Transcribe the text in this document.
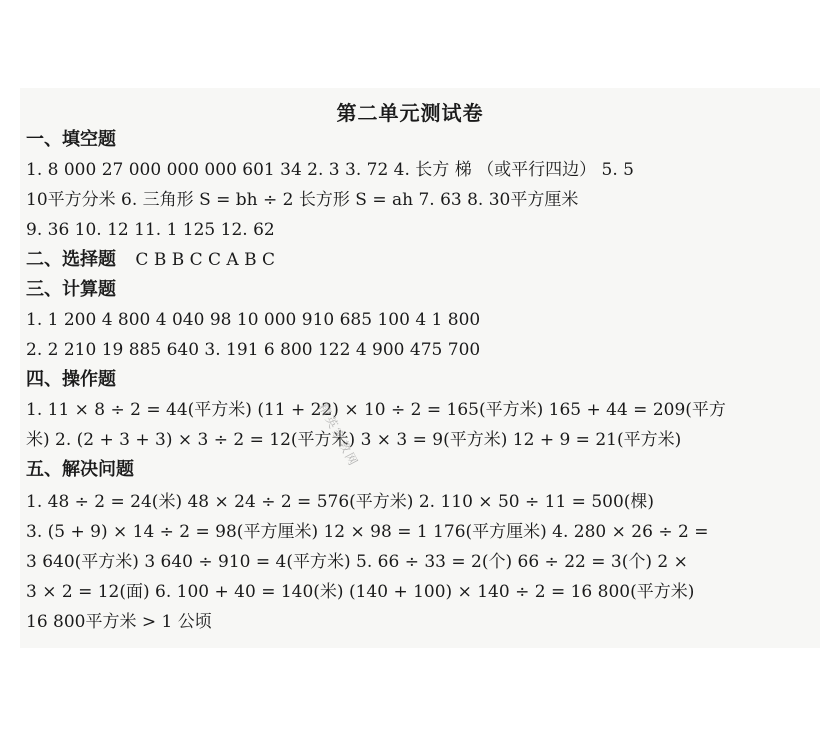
第二单元测试卷
一、填空题
1. 8 000 27 000 000 000 601 34 2. 3 3. 72 4. 长方 梯 （或平行四边） 5. 5
10平方分米 6. 三角形 S = bh ÷ 2 长方形 S = ah 7. 63 8. 30平方厘米
9. 36 10. 12 11. 1 125 12. 62
二、选择题 C B B C C A B C
三、计算题
1. 1 200 4 800 4 040 98 10 000 910 685 100 4 1 800
2. 2 210 19 885 640 3. 191 6 800 122 4 900 475 700
四、操作题
1. 11 × 8 ÷ 2 = 44(平方米) (11 + 22) × 10 ÷ 2 = 165(平方米) 165 + 44 = 209(平方
米) 2. (2 + 3 + 3) × 3 ÷ 2 = 12(平方米) 3 × 3 = 9(平方米) 12 + 9 = 21(平方米)
五、解决问题
1. 48 ÷ 2 = 24(米) 48 × 24 ÷ 2 = 576(平方米) 2. 110 × 50 ÷ 11 = 500(棵)
3. (5 + 9) × 14 ÷ 2 = 98(平方厘米) 12 × 98 = 1 176(平方厘米) 4. 280 × 26 ÷ 2 =
3 640(平方米) 3 640 ÷ 910 = 4(平方米) 5. 66 ÷ 33 = 2(个) 66 ÷ 22 = 3(个) 2 ×
3 × 2 = 12(面) 6. 100 + 40 = 140(米) (140 + 100) × 140 ÷ 2 = 16 800(平方米)
16 800平方米 > 1 公顷
精英家教网
